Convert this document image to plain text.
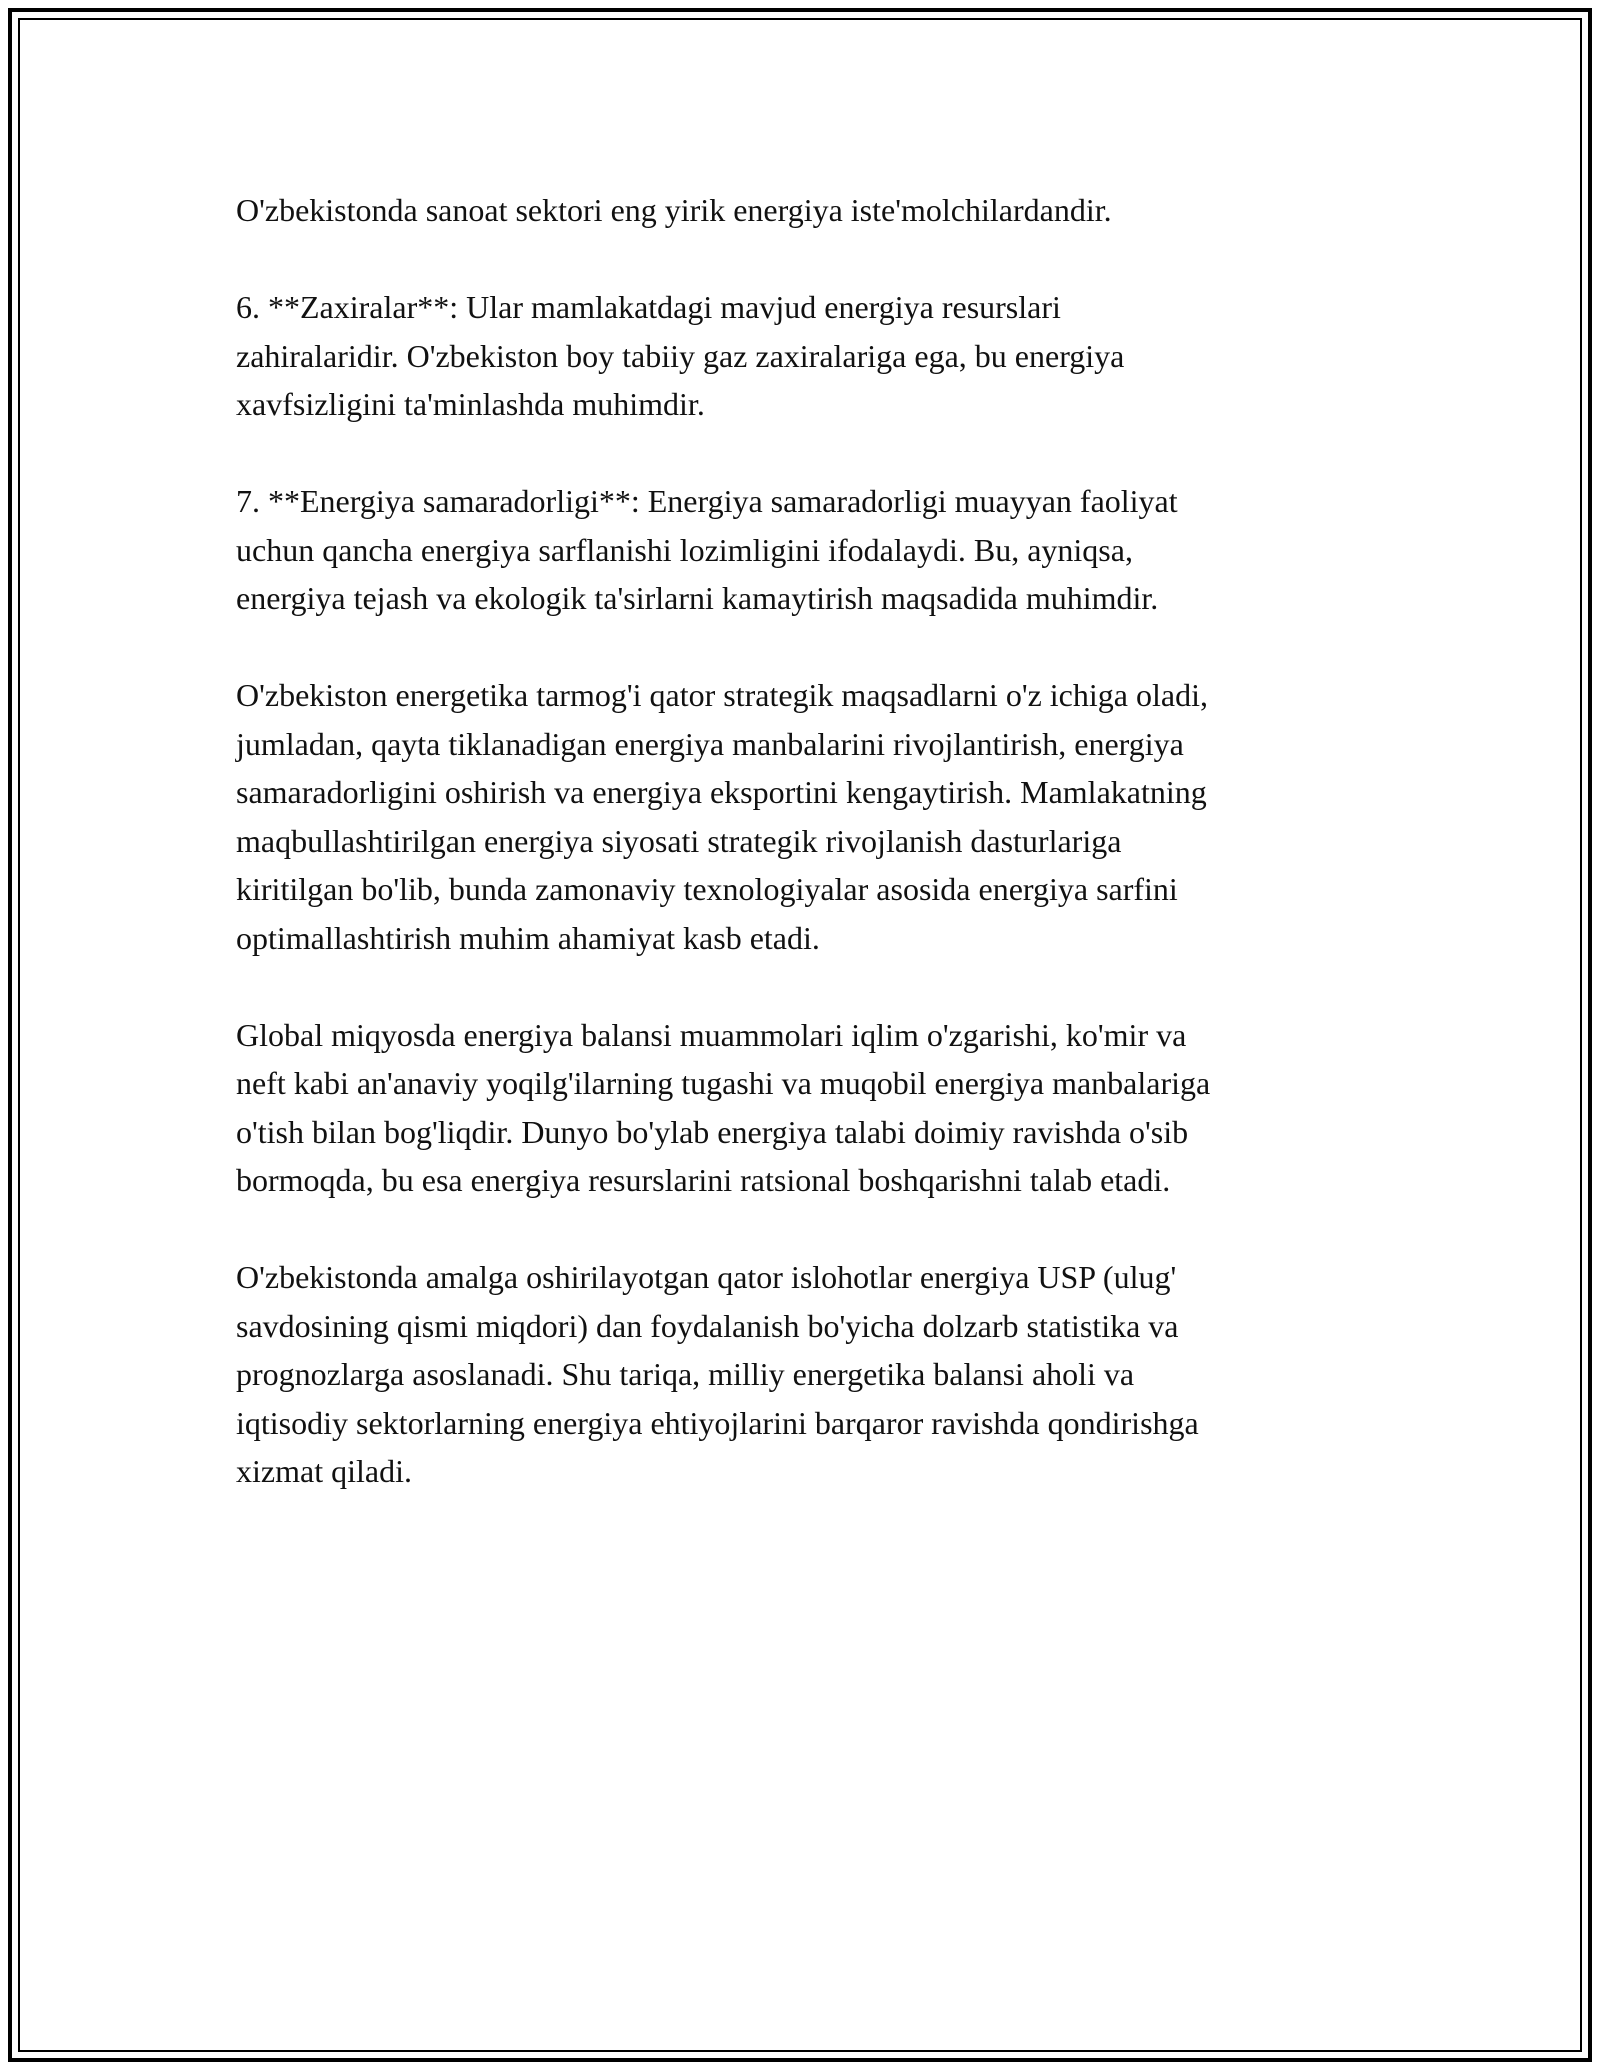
O'zbekistonda sanoat sektori eng yirik energiya iste'molchilardandir.

6. **Zaxiralar**: Ular mamlakatdagi mavjud energiya resurslari
zahiralaridir. O'zbekiston boy tabiiy gaz zaxiralariga ega, bu energiya
xavfsizligini ta'minlashda muhimdir.

7. **Energiya samaradorligi**: Energiya samaradorligi muayyan faoliyat
uchun qancha energiya sarflanishi lozimligini ifodalaydi. Bu, ayniqsa,
energiya tejash va ekologik ta'sirlarni kamaytirish maqsadida muhimdir.

O'zbekiston energetika tarmog'i qator strategik maqsadlarni o'z ichiga oladi,
jumladan, qayta tiklanadigan energiya manbalarini rivojlantirish, energiya
samaradorligini oshirish va energiya eksportini kengaytirish. Mamlakatning
maqbullashtirilgan energiya siyosati strategik rivojlanish dasturlariga
kiritilgan bo'lib, bunda zamonaviy texnologiyalar asosida energiya sarfini
optimallashtirish muhim ahamiyat kasb etadi.

Global miqyosda energiya balansi muammolari iqlim o'zgarishi, ko'mir va
neft kabi an'anaviy yoqilg'ilarning tugashi va muqobil energiya manbalariga
o'tish bilan bog'liqdir. Dunyo bo'ylab energiya talabi doimiy ravishda o'sib
bormoqda, bu esa energiya resurslarini ratsional boshqarishni talab etadi.

O'zbekistonda amalga oshirilayotgan qator islohotlar energiya USP (ulug'
savdosining qismi miqdori) dan foydalanish bo'yicha dolzarb statistika va
prognozlarga asoslanadi. Shu tariqa, milliy energetika balansi aholi va
iqtisodiy sektorlarning energiya ehtiyojlarini barqaror ravishda qondirishga
xizmat qiladi.
